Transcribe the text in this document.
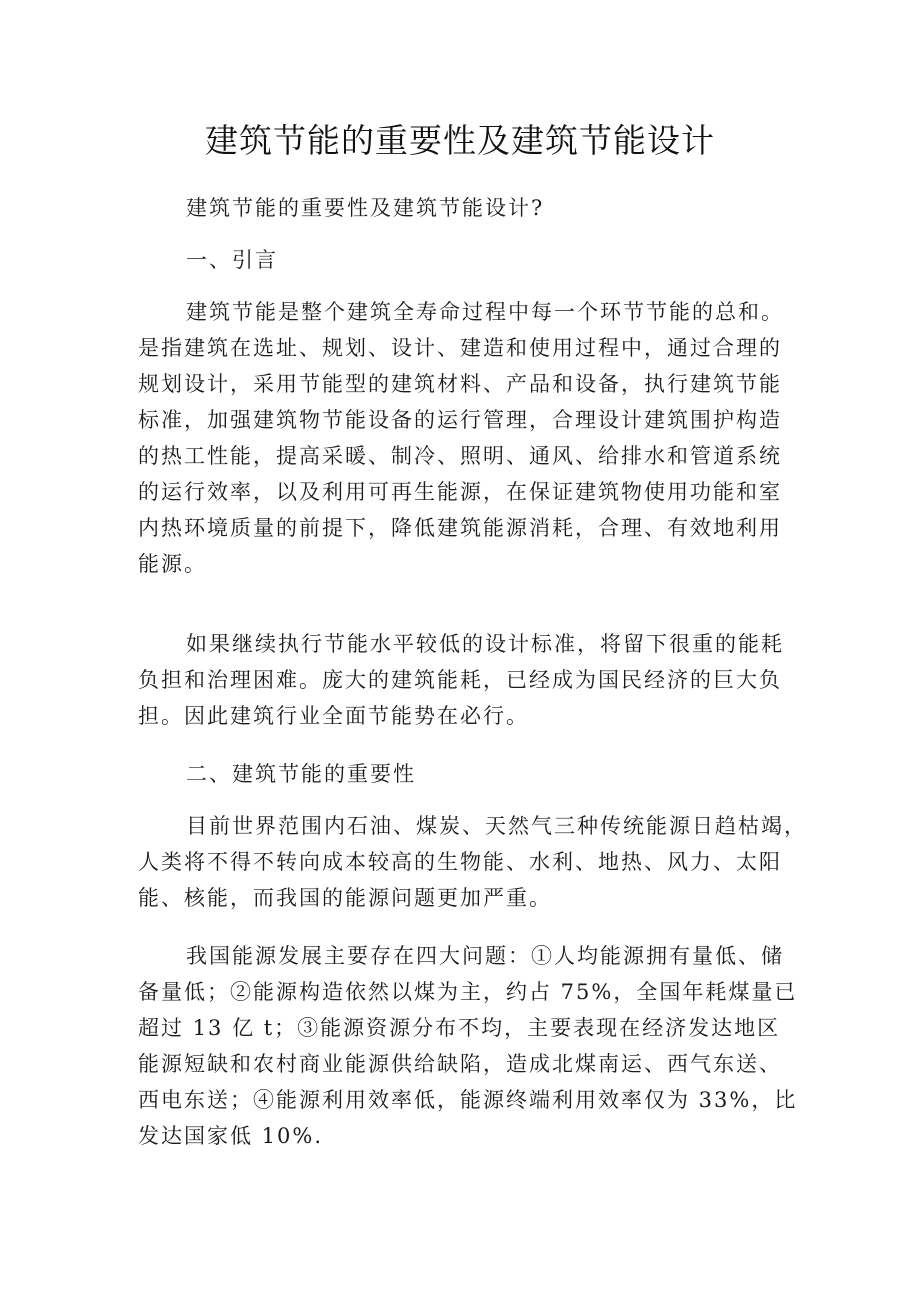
建筑节能的重要性及建筑节能设计

建筑节能的重要性及建筑节能设计?

一、引言

建筑节能是整个建筑全寿命过程中每一个环节节能的总和。
是指建筑在选址、规划、设计、建造和使用过程中，通过合理的
规划设计，采用节能型的建筑材料、产品和设备，执行建筑节能
标准，加强建筑物节能设备的运行管理，合理设计建筑围护构造
的热工性能，提高采暖、制冷、照明、通风、给排水和管道系统
的运行效率，以及利用可再生能源，在保证建筑物使用功能和室
内热环境质量的前提下，降低建筑能源消耗，合理、有效地利用
能源。

如果继续执行节能水平较低的设计标准，将留下很重的能耗
负担和治理困难。庞大的建筑能耗，已经成为国民经济的巨大负
担。因此建筑行业全面节能势在必行。

二、建筑节能的重要性

目前世界范围内石油、煤炭、天然气三种传统能源日趋枯竭，
人类将不得不转向成本较高的生物能、水利、地热、风力、太阳
能、核能，而我国的能源问题更加严重。

我国能源发展主要存在四大问题：①人均能源拥有量低、储
备量低；②能源构造依然以煤为主，约占 75%，全国年耗煤量已
超过 13 亿 t；③能源资源分布不均，主要表现在经济发达地区
能源短缺和农村商业能源供给缺陷，造成北煤南运、西气东送、
西电东送；④能源利用效率低，能源终端利用效率仅为 33%，比
发达国家低 10%.
